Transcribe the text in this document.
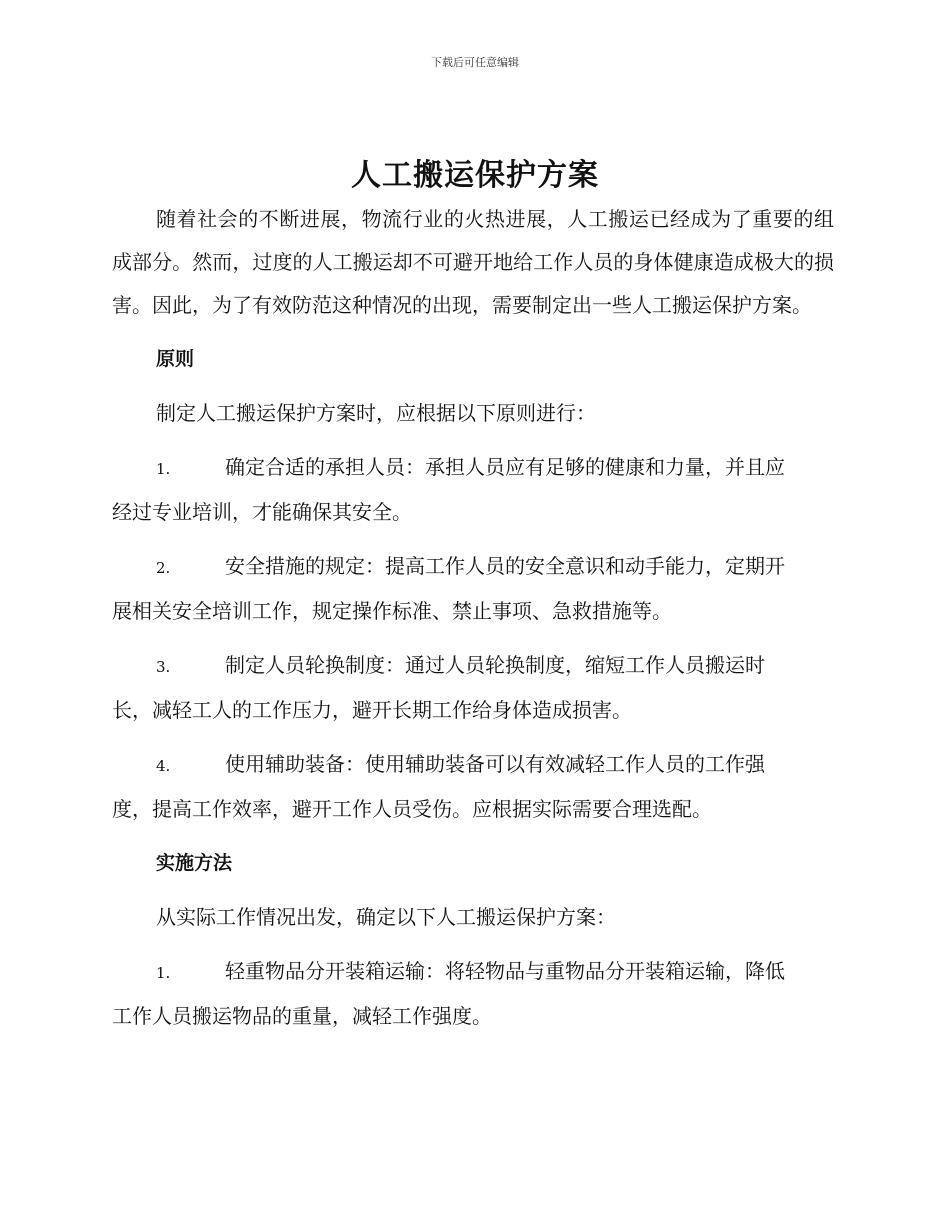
下载后可任意编辑
人工搬运保护方案

随着社会的不断进展，物流行业的火热进展，人工搬运已经成为了重要的组成部分。然而，过度的人工搬运却不可避开地给工作人员的身体健康造成极大的损害。因此，为了有效防范这种情况的出现，需要制定出一些人工搬运保护方案。

原则

制定人工搬运保护方案时，应根据以下原则进行：

1.	确定合适的承担人员：承担人员应有足够的健康和力量，并且应
经过专业培训，才能确保其安全。
2.	安全措施的规定：提高工作人员的安全意识和动手能力，定期开
展相关安全培训工作，规定操作标准、禁止事项、急救措施等。
3.	制定人员轮换制度：通过人员轮换制度，缩短工作人员搬运时
长，减轻工人的工作压力，避开长期工作给身体造成损害。
4.	使用辅助装备：使用辅助装备可以有效减轻工作人员的工作强
度，提高工作效率，避开工作人员受伤。应根据实际需要合理选配。

实施方法

从实际工作情况出发，确定以下人工搬运保护方案：

1.	轻重物品分开装箱运输：将轻物品与重物品分开装箱运输，降低
工作人员搬运物品的重量，减轻工作强度。
